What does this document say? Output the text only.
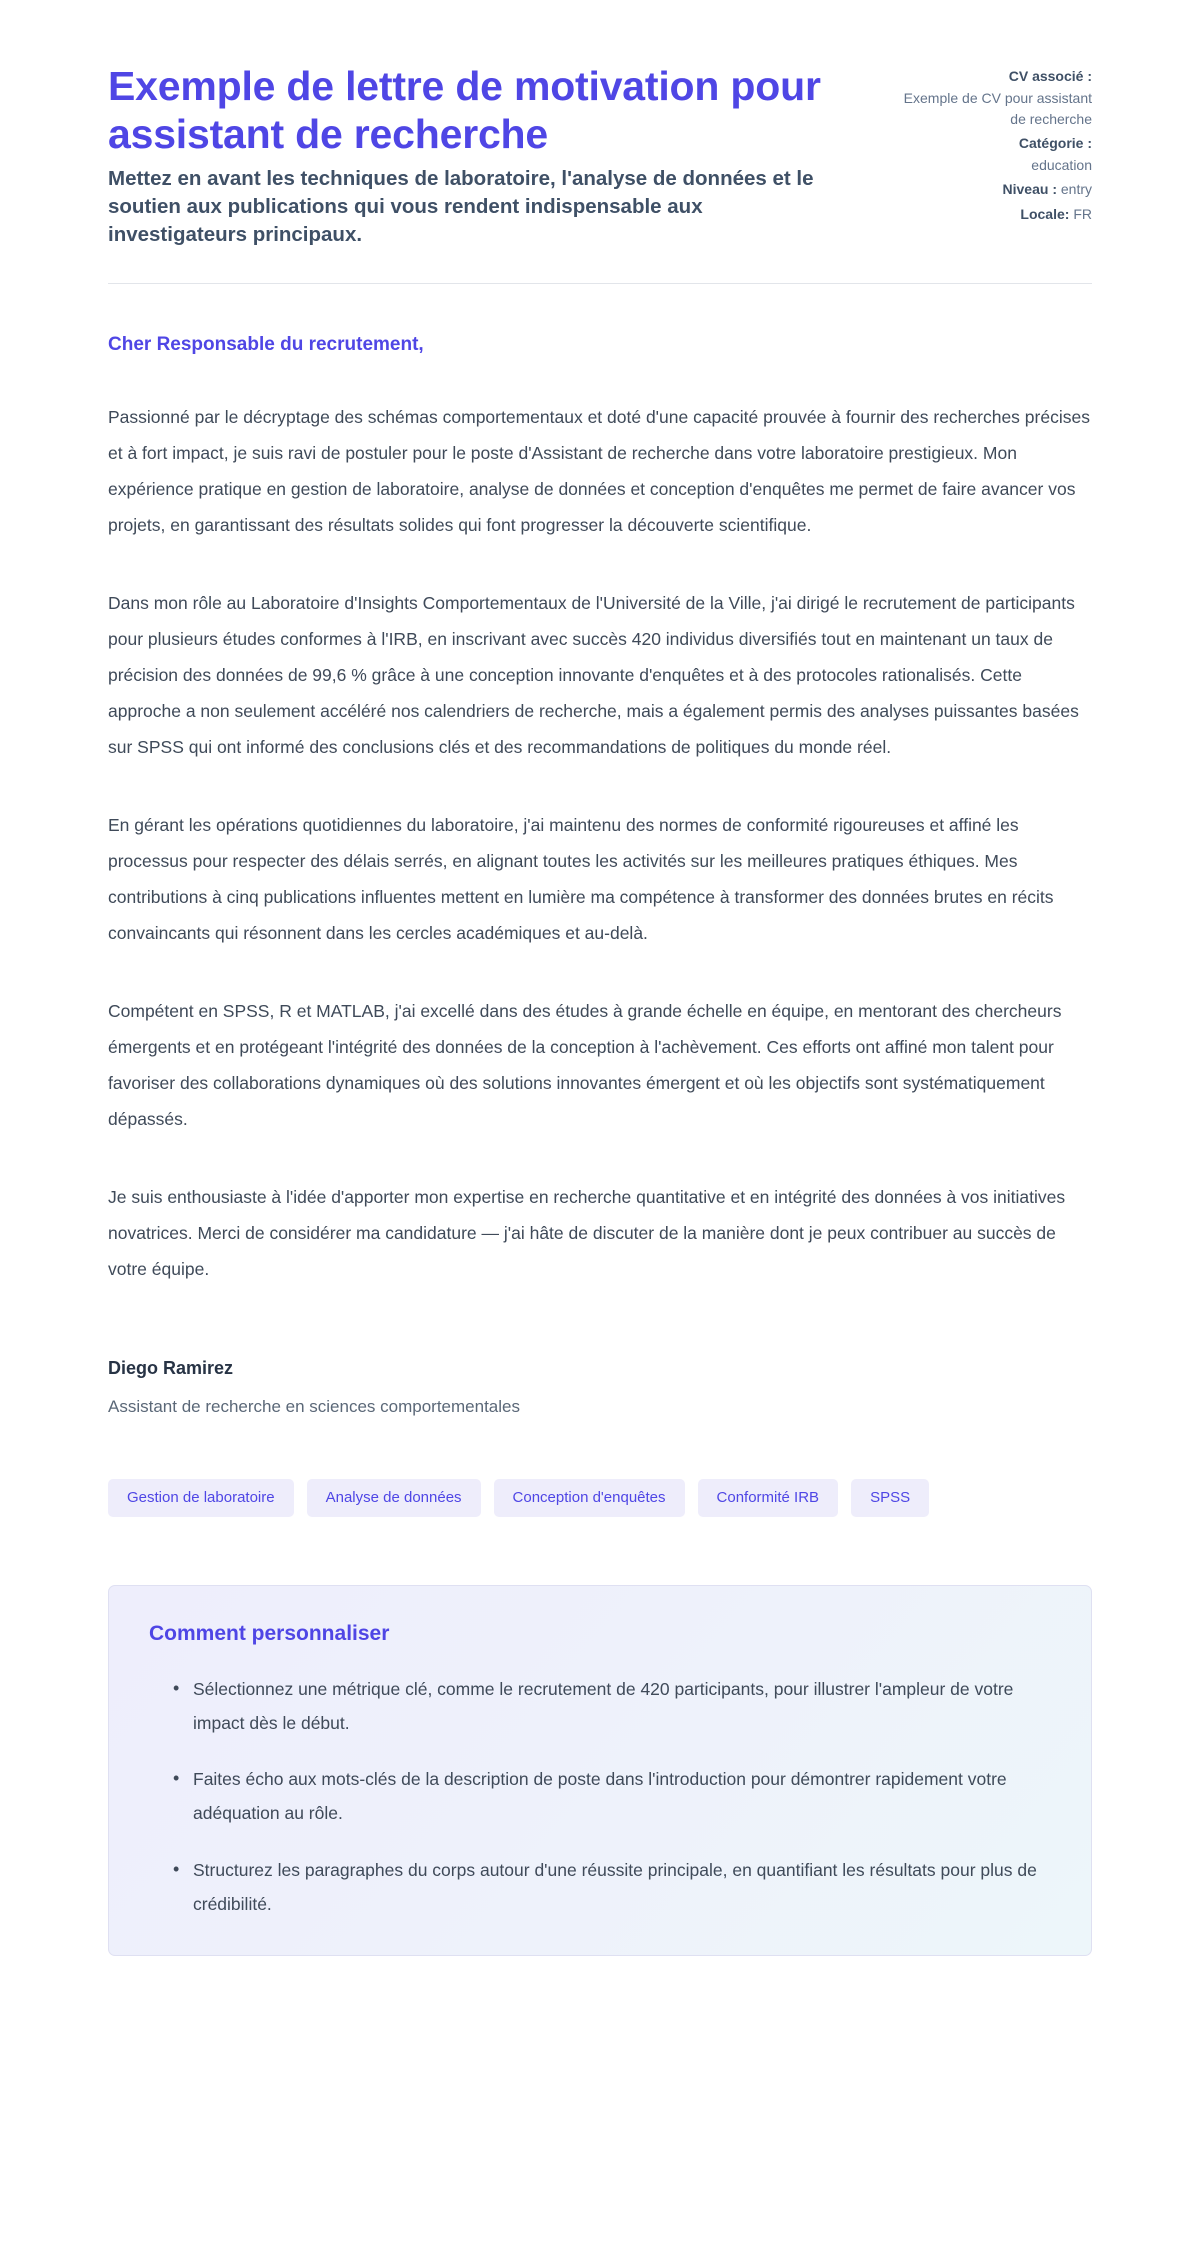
Exemple de lettre de motivation pour assistant de recherche

Mettez en avant les techniques de laboratoire, l'analyse de données et le soutien aux publications qui vous rendent indispensable aux investigateurs principaux.

CV associé :
Exemple de CV pour assistant de recherche
Catégorie :
education
Niveau : entry
Locale: FR

Cher Responsable du recrutement,

Passionné par le décryptage des schémas comportementaux et doté d'une capacité prouvée à fournir des recherches précises et à fort impact, je suis ravi de postuler pour le poste d'Assistant de recherche dans votre laboratoire prestigieux. Mon expérience pratique en gestion de laboratoire, analyse de données et conception d'enquêtes me permet de faire avancer vos projets, en garantissant des résultats solides qui font progresser la découverte scientifique.

Dans mon rôle au Laboratoire d'Insights Comportementaux de l'Université de la Ville, j'ai dirigé le recrutement de participants pour plusieurs études conformes à l'IRB, en inscrivant avec succès 420 individus diversifiés tout en maintenant un taux de précision des données de 99,6 % grâce à une conception innovante d'enquêtes et à des protocoles rationalisés. Cette approche a non seulement accéléré nos calendriers de recherche, mais a également permis des analyses puissantes basées sur SPSS qui ont informé des conclusions clés et des recommandations de politiques du monde réel.

En gérant les opérations quotidiennes du laboratoire, j'ai maintenu des normes de conformité rigoureuses et affiné les processus pour respecter des délais serrés, en alignant toutes les activités sur les meilleures pratiques éthiques. Mes contributions à cinq publications influentes mettent en lumière ma compétence à transformer des données brutes en récits convaincants qui résonnent dans les cercles académiques et au-delà.

Compétent en SPSS, R et MATLAB, j'ai excellé dans des études à grande échelle en équipe, en mentorant des chercheurs émergents et en protégeant l'intégrité des données de la conception à l'achèvement. Ces efforts ont affiné mon talent pour favoriser des collaborations dynamiques où des solutions innovantes émergent et où les objectifs sont systématiquement dépassés.

Je suis enthousiaste à l'idée d'apporter mon expertise en recherche quantitative et en intégrité des données à vos initiatives novatrices. Merci de considérer ma candidature — j'ai hâte de discuter de la manière dont je peux contribuer au succès de votre équipe.

Diego Ramirez

Assistant de recherche en sciences comportementales

Gestion de laboratoire	Analyse de données	Conception d'enquêtes	Conformité IRB	SPSS
Comment personnaliser
• Sélectionnez une métrique clé, comme le recrutement de 420 participants, pour illustrer l'ampleur de votre impact dès le début.
• Faites écho aux mots-clés de la description de poste dans l'introduction pour démontrer rapidement votre adéquation au rôle.
• Structurez les paragraphes du corps autour d'une réussite principale, en quantifiant les résultats pour plus de crédibilité.
